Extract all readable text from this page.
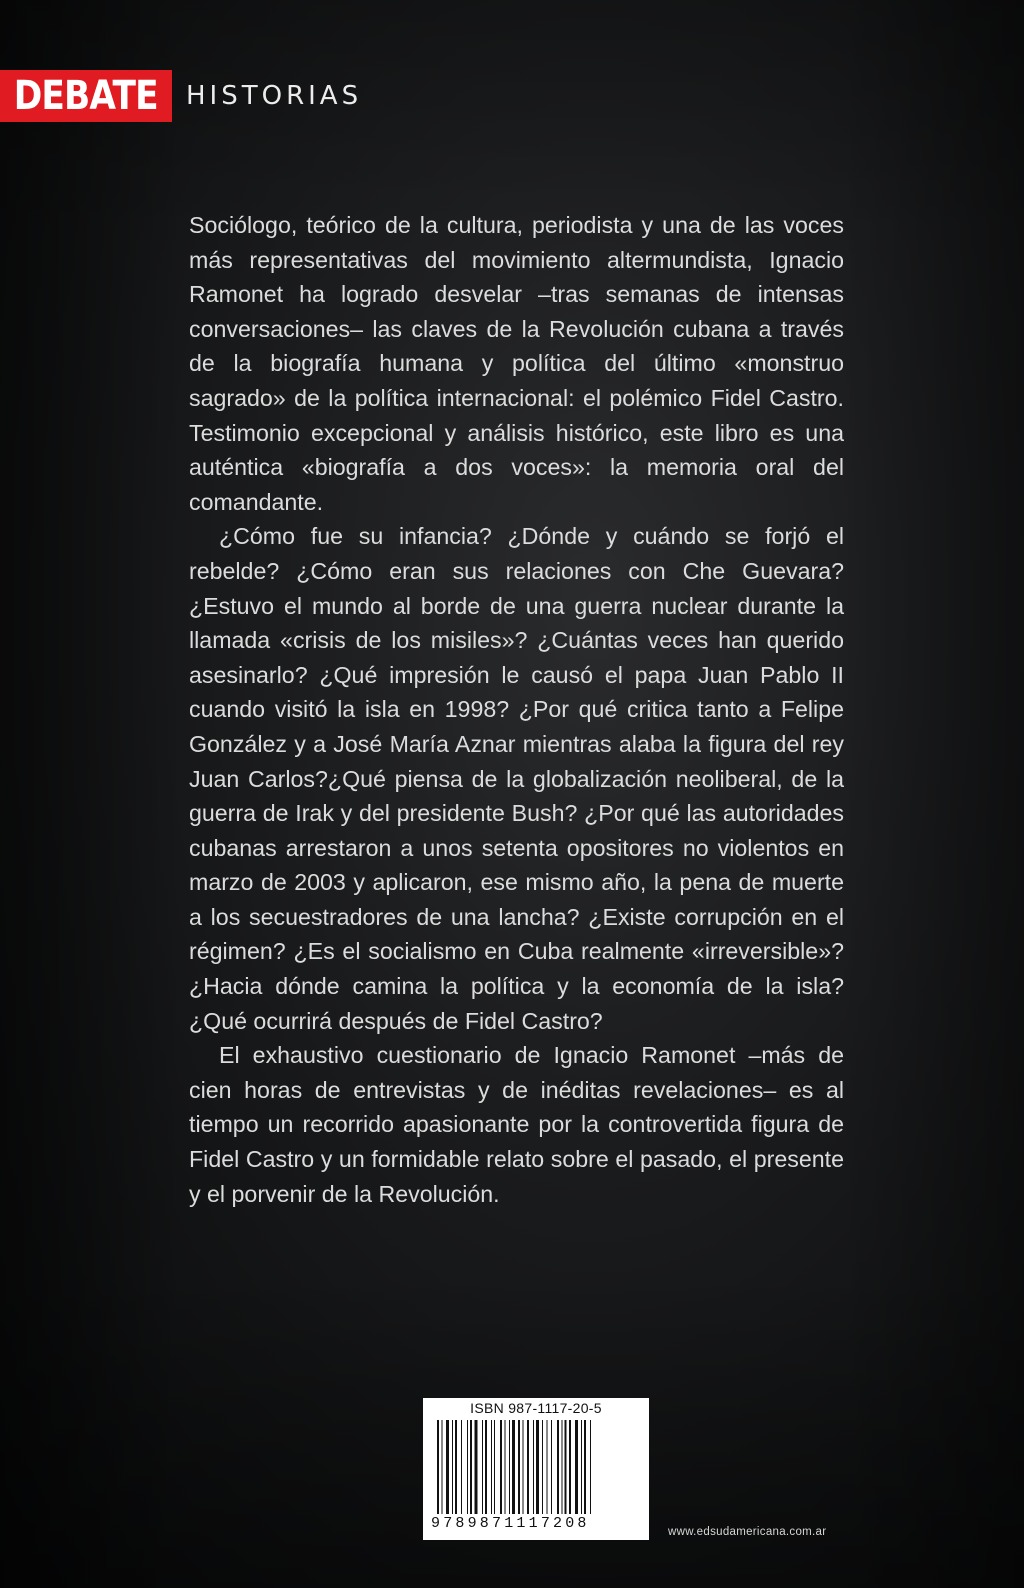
DEBATE HISTORIAS

Sociólogo, teórico de la cultura, periodista y una de las voces más representativas del movimiento altermundista, Ignacio Ramonet ha logrado desvelar –tras semanas de intensas conversaciones– las claves de la Revolución cubana a través de la biografía humana y política del último «monstruo sagrado» de la política internacional: el polémico Fidel Castro. Testimonio excepcional y análisis histórico, este libro es una auténtica «biografía a dos voces»: la memoria oral del comandante.

¿Cómo fue su infancia? ¿Dónde y cuándo se forjó el rebelde? ¿Cómo eran sus relaciones con Che Guevara? ¿Estuvo el mundo al borde de una guerra nuclear durante la llamada «crisis de los misiles»? ¿Cuántas veces han querido asesinarlo? ¿Qué impresión le causó el papa Juan Pablo II cuando visitó la isla en 1998? ¿Por qué critica tanto a Felipe González y a José María Aznar mientras alaba la figura del rey Juan Carlos?¿Qué piensa de la globalización neoliberal, de la guerra de Irak y del presidente Bush? ¿Por qué las autoridades cubanas arrestaron a unos setenta opositores no violentos en marzo de 2003 y aplicaron, ese mismo año, la pena de muerte a los secuestradores de una lancha? ¿Existe corrupción en el régimen? ¿Es el socialismo en Cuba realmente «irreversible»? ¿Hacia dónde camina la política y la economía de la isla? ¿Qué ocurrirá después de Fidel Castro?

El exhaustivo cuestionario de Ignacio Ramonet –más de cien horas de entrevistas y de inéditas revelaciones– es al tiempo un recorrido apasionante por la controvertida figura de Fidel Castro y un formidable relato sobre el pasado, el presente y el porvenir de la Revolución.

ISBN 987-1117-20-5
9789871117208	www.edsudamericana.com.ar
